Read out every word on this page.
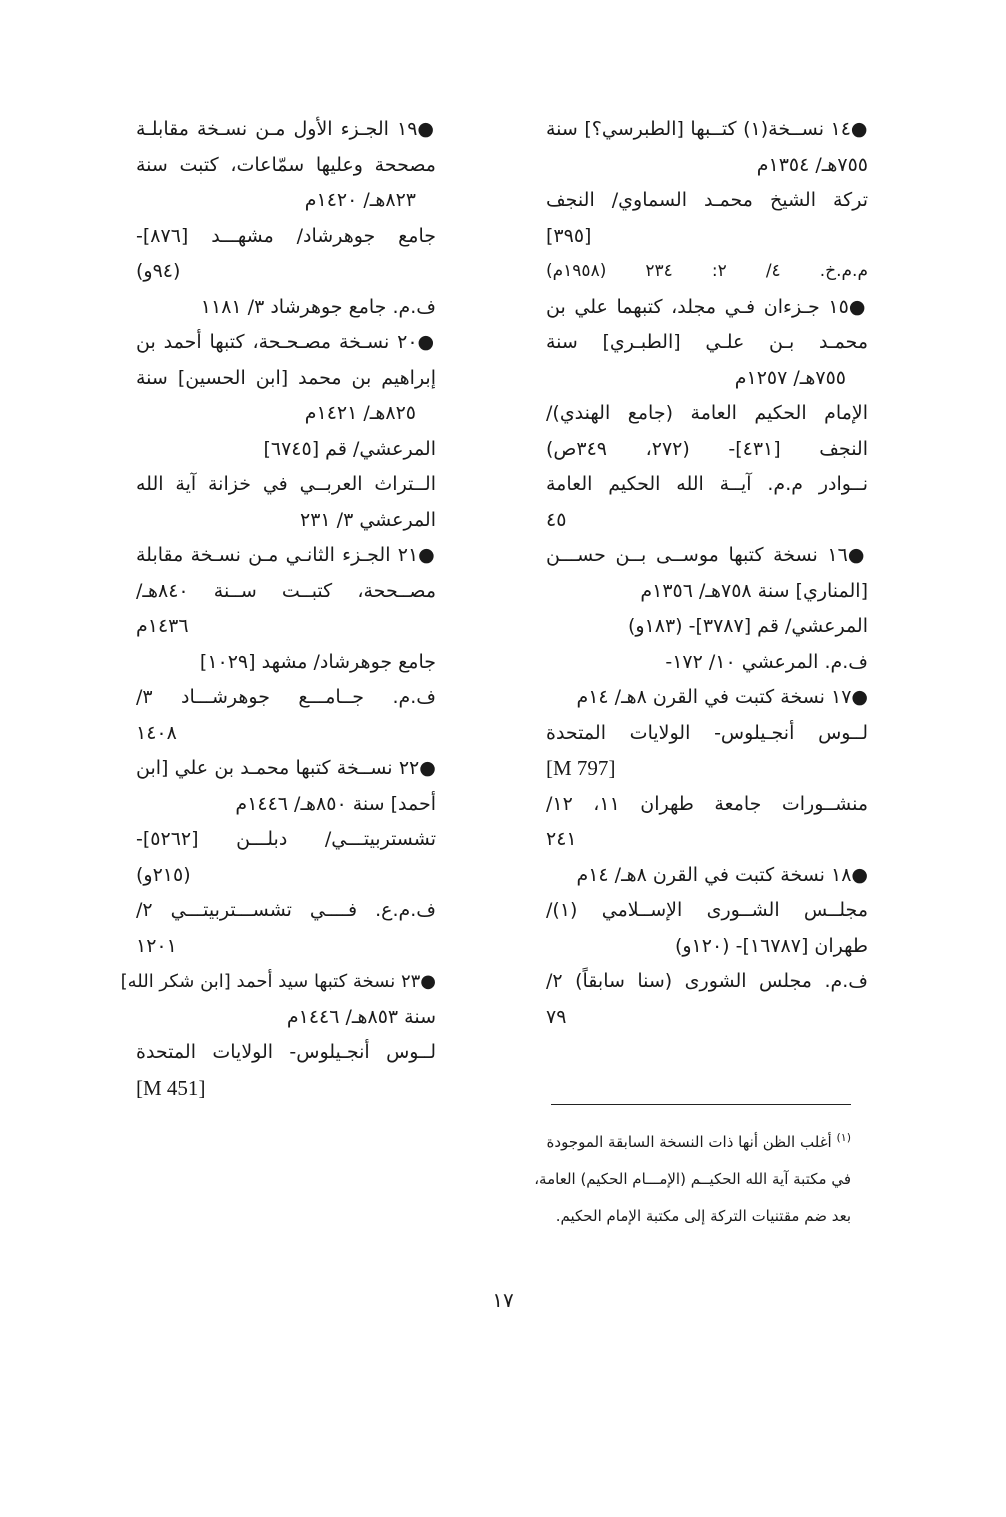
●١٤ نســخة(١) كتــبها [الطبرسي؟] سنة
٧٥٥هـ/ ١٣٥٤م
تركة الشيخ محمـد السماوي/ النجف
[٣٩٥]
م.م.خ. ٤/ ٢: ٢٣٤ (١٩٥٨م)
●١٥ جـزءان فـي مجلد، كتبهما علي بن
محمـد بـن علـي [الطبـري] سنة
٧٥٥هـ/ ١٢٥٧م
الإمام الحكيم العامة (جامع الهندي)/
النجف [٤٣١]- (٢٧٢، ٣٤٩ص)
نــوادر م.م. آيــة الله الحكيم العامة
٤٥
●١٦ نسخة كتبها موســى بــن حســـن
[المناري] سنة ٧٥٨هـ/ ١٣٥٦م
المرعشي/ قم [٣٧٨٧]- (١٨٣و)
ف.م. المرعشي ١٠/ ١٧٢-
●١٧ نسخة كتبت في القرن ٨هـ/ ١٤م
لــوس أنجـيلوس- الولايات المتحدة
[M 797]
منشــورات جامعة طهران ١١، ١٢/
٢٤١
●١٨ نسخة كتبت في القرن ٨هـ/ ١٤م
مجلــس الشــورى الإســلامي (١)/
طهران [١٦٧٨٧]- (١٢٠و)
ف.م. مجلس الشورى (سنا سابقاً) ٢/
٧٩
●١٩ الجـزء الأول مـن نسـخة مقابلـة
مصححة وعليها سمّاعات، كتبت سنة
٨٢٣هـ/ ١٤٢٠م
جامع جوهرشاد/ مشهـــد [٨٧٦]-
(٩٤و)
ف.م. جامع جوهرشاد ٣/ ١١٨١
●٢٠ نسـخة مصـحـحة، كتبها أحمد بن
إبراهيم بن محمد [ابن الحسين] سنة
٨٢٥هـ/ ١٤٢١م
المرعشي/ قم [٦٧٤٥]
الــتراث العربــي في خزانة آية الله
المرعشي ٣/ ٢٣١
●٢١ الجـزء الثانـي مـن نسـخة مقابلة
مصــححة، كتبــت ســنة ٨٤٠هـ/
١٤٣٦م
جامع جوهرشاد/ مشهد [١٠٢٩]
ف.م. جــامـــع جوهرشـــاد ٣/
١٤٠٨
●٢٢ نســخة كتبها محمـد بن علي [ابن
أحمد] سنة ٨٥٠هـ/ ١٤٤٦م
تشستربيتـــي/ دبلـــن [٥٢٦٢]-
(٢١٥و)
ف.م.ع. فــــي تشســـتربيتـــي ٢/
١٢٠١
●٢٣ نسخة كتبها سيد أحمد [ابن شكر الله]
سنة ٨٥٣هـ/ ١٤٤٦م
لــوس أنجـيلوس- الولايات المتحدة
[M 451]
$^{(١)}$ أغلب الظن أنها ذات النسخة السابقة الموجودة
في مكتبة آية الله الحكيــم (الإمـــام الحكيم) العامة،
بعد ضم مقتنيات التركة إلى مكتبة الإمام الحكيم.
١٧
